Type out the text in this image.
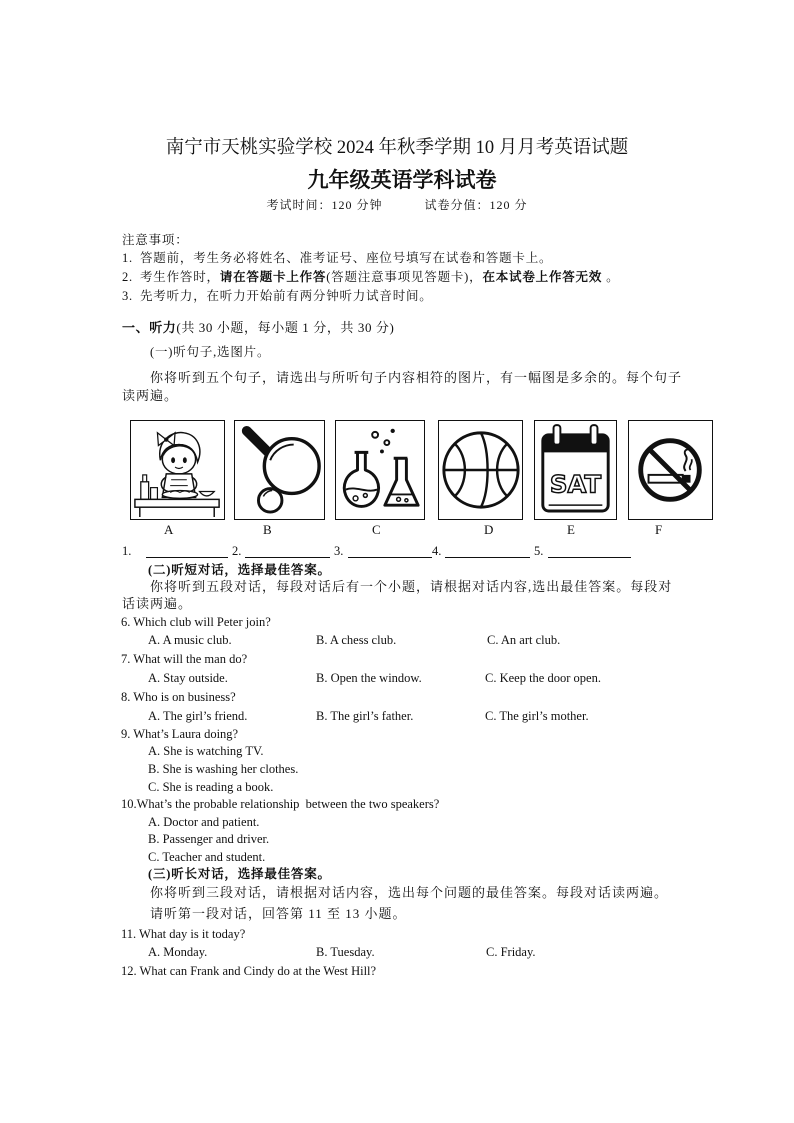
南宁市天桃实验学校 2024 年秋季学期 10 月月考英语试题
九年级英语学科试卷
考试时间：120 分钟	试卷分值：120 分
注意事项：
1. 答题前，考生务必将姓名、准考证号、座位号填写在试卷和答题卡上。
2. 考生作答时，请在答题卡上作答(答题注意事项见答题卡)，在本试卷上作答无效 。
3. 先考听力，在听力开始前有两分钟听力试音时间。
一、听力(共 30 小题，每小题 1 分，共 30 分)
(一)听句子,选图片。
你将听到五个句子，请选出与所听句子内容相符的图片，有一幅图是多余的。每个句子
读两遍。
SAT
A	B	C	D	E	F
1.	2.	3.	4.	5.
(二)听短对话，选择最佳答案。
你将听到五段对话，每段对话后有一个小题，请根据对话内容,选出最佳答案。每段对
话读两遍。
6. Which club will Peter join?
A. A music club.	B. A chess club.	C. An art club.
7. What will the man do?
A. Stay outside.	B. Open the window.	C. Keep the door open.
8. Who is on business?
A. The girl’s friend.	B. The girl’s father.	C. The girl’s mother.
9. What’s Laura doing?
A. She is watching TV.
B. She is washing her clothes.
C. She is reading a book.
10.What’s the probable relationship  between the two speakers?
A. Doctor and patient.
B. Passenger and driver.
C. Teacher and student.
(三)听长对话，选择最佳答案。
你将听到三段对话，请根据对话内容，选出每个问题的最佳答案。每段对话读两遍。
请听第一段对话，回答第 11 至 13 小题。
11. What day is it today?
A. Monday.	B. Tuesday.	C. Friday.
12. What can Frank and Cindy do at the West Hill?
